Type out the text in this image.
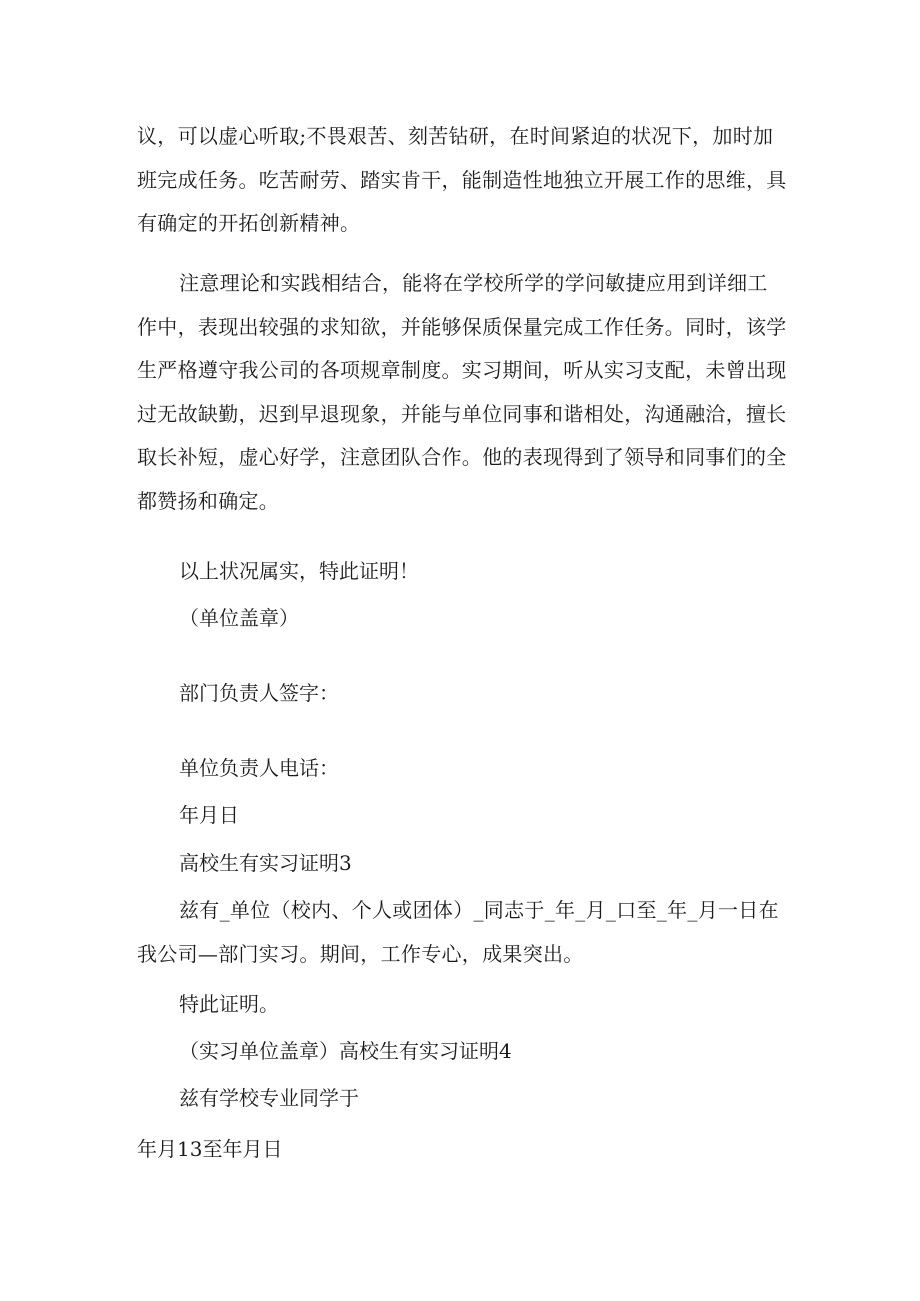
议，可以虚心听取;不畏艰苦、刻苦钻研，在时间紧迫的状况下，加时加班完成任务。吃苦耐劳、踏实肯干，能制造性地独立开展工作的思维，具有确定的开拓创新精神。

注意理论和实践相结合，能将在学校所学的学问敏捷应用到详细工作中，表现出较强的求知欲，并能够保质保量完成工作任务。同时，该学生严格遵守我公司的各项规章制度。实习期间，听从实习支配，未曾出现过无故缺勤，迟到早退现象，并能与单位同事和谐相处，沟通融洽，擅长取长补短，虚心好学，注意团队合作。他的表现得到了领导和同事们的全都赞扬和确定。

以上状况属实，特此证明！

（单位盖章）

部门负责人签字：

单位负责人电话：

年月日

高校生有实习证明3

兹有_单位（校内、个人或团体）_同志于_年_月_口至_年_月一日在我公司—部门实习。期间，工作专心，成果突出。

特此证明。

（实习单位盖章）高校生有实习证明4

兹有学校专业同学于

年月13至年月日
